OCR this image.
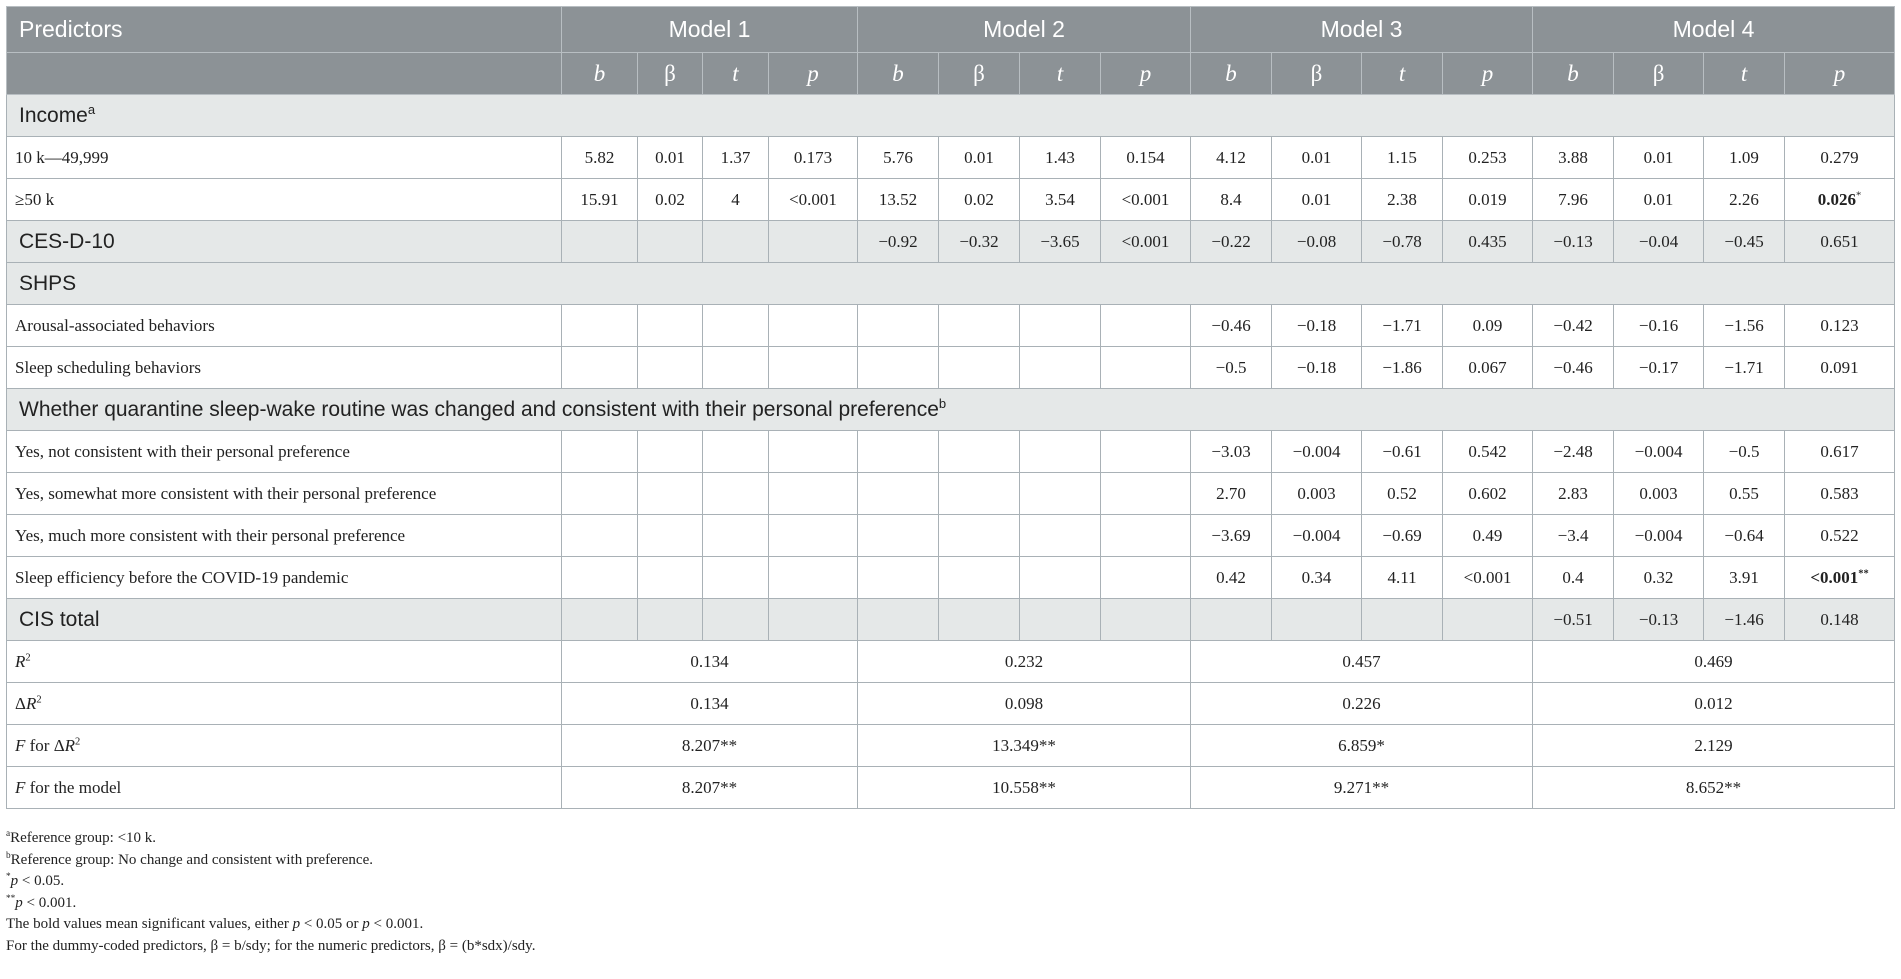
Predictors	Model 1				Model 2				Model 3				Model 4			
	b	β	t	p	b	β	t	p	b	β	t	p	b	β	t	p
Income$^a$
10 k—49,999	5.82	0.01	1.37	0.173	5.76	0.01	1.43	0.154	4.12	0.01	1.15	0.253	3.88	0.01	1.09	0.279
≥50 k	15.91	0.02	4	<0.001	13.52	0.02	3.54	<0.001	8.4	0.01	2.38	0.019	7.96	0.01	2.26	0.026*
CES-D-10					−0.92	−0.32	−3.65	<0.001	−0.22	−0.08	−0.78	0.435	−0.13	−0.04	−0.45	0.651
SHPS																
Arousal-associated behaviors									−0.46	−0.18	−1.71	0.09	−0.42	−0.16	−1.56	0.123
Sleep scheduling behaviors									−0.5	−0.18	−1.86	0.067	−0.46	−0.17	−1.71	0.091
Whether quarantine sleep-wake routine was changed and consistent with their personal preference$^b$
Yes, not consistent with their personal preference									−3.03	−0.004	−0.61	0.542	−2.48	−0.004	−0.5	0.617
Yes, somewhat more consistent with their personal preference									2.70	0.003	0.52	0.602	2.83	0.003	0.55	0.583
Yes, much more consistent with their personal preference									−3.69	−0.004	−0.69	0.49	−3.4	−0.004	−0.64	0.522
Sleep efficiency before the COVID-19 pandemic									0.42	0.34	4.11	<0.001	0.4	0.32	3.91	<0.001**
CIS total													−0.51	−0.13	−1.46	0.148
$R^2$	0.134				0.232				0.457				0.469			
$\Delta R^2$	0.134				0.098				0.226				0.012			
F for $\Delta R^2$	8.207**				13.349**				6.859*				2.129			
F for the model	8.207**				10.558**				9.271**				8.652**			
$^a$Reference group: <10 k.
$^b$Reference group: No change and consistent with preference.
*p < 0.05.
**p < 0.001.
The bold values mean significant values, either p < 0.05 or p < 0.001.
For the dummy-coded predictors, β = b/sdy; for the numeric predictors, β = (b*sdx)/sdy.
